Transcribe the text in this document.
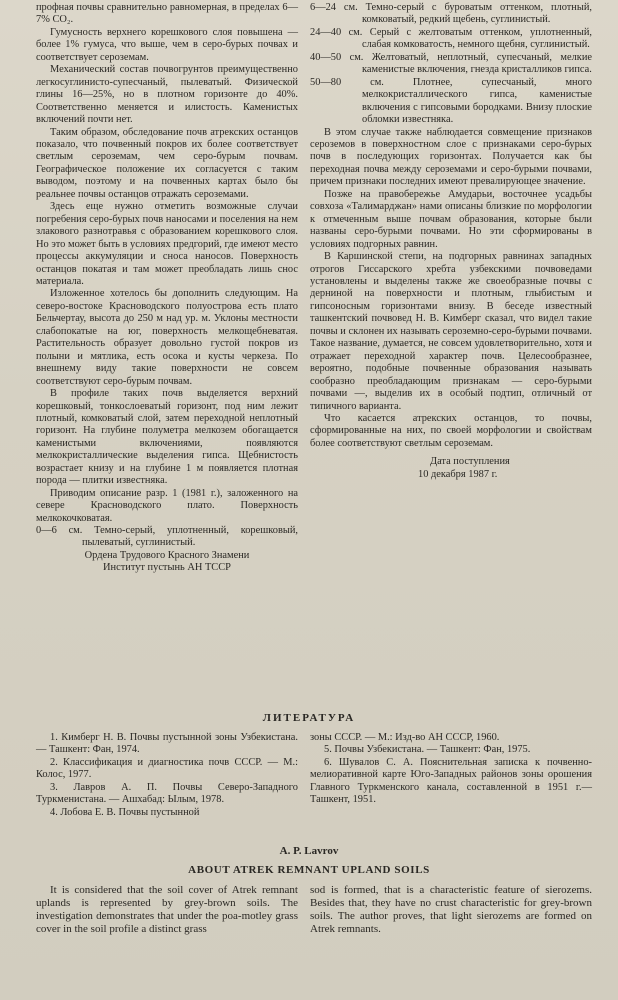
профная почвы сравнительно равномерная, в пределах 6—7% CO₂.

Гумусность верхнего корешкового слоя повышена — более 1% гумуса, что выше, чем в серо-бурых почвах и соответствует сероземам.

Механический состав почвогрунтов преимущественно легкосуглинисто-супесчаный, пылеватый. Физической глины 16—25%, но в плотном горизонте до 40%. Соответственно меняется и илистость. Каменистых включений почти нет.

Таким образом, обследование почв атрекских останцов показало, что почвенный покров их более соответствует светлым сероземам, чем серо-бурым почвам. Географическое положение их согласуется с таким выводом, поэтому и на почвенных картах было бы реальнее почвы останцов отражать сероземами.

Здесь еще нужно отметить возможные случаи погребения серо-бурых почв наносами и поселения на нем злакового разнотравья с образованием корешкового слоя. Но это может быть в условиях предгорий, где имеют место процессы аккумуляции и сноса наносов. Поверхность останцов покатая и там может преобладать лишь снос материала.

Изложенное хотелось бы дополнить следующим. На северо-востоке Красноводского полуострова есть плато Бельчертау, высота до 250 м над ур. м. Уклоны местности слабопокатые на юг, поверхность мелкощебневатая. Растительность образует довольно густой покров из полыни и мятлика, есть осока и кусты черкеза. По внешнему виду такие поверхности не совсем соответствуют серо-бурым почвам.

В профиле таких почв выделяется верхний корешковый, тонкослоеватый горизонт, под ним лежит плотный, комковатый слой, затем переходной неплотный горизонт. На глубине полуметра мелкозем обогащается каменистыми включениями, появляются мелкокристаллические выделения гипса. Щебнистость возрастает книзу и на глубине 1 м появляется плотная порода — плитки известняка.

Приводим описание разр. 1 (1981 г.), заложенного на севере Красноводского плато. Поверхность мелкокочковатая.

0—6 см. Темно-серый, уплотненный, корешковый, пылеватый, суглинистый.

Ордена Трудового Красного Знамени

Институт пустынь АН ТССР

6—24 см. Темно-серый с буроватым оттенком, плотный, комковатый, редкий щебень, суглинистый.

24—40 см. Серый с желтоватым оттенком, уплотненный, слабая комковатость, немного щебня, суглинистый.

40—50 см. Желтоватый, неплотный, супесчаный, мелкие каменистые включения, гнезда кристалликов гипса.

50—80 см. Плотнее, супесчаный, много мелкокристаллического гипса, каменистые включения с гипсовыми бородками. Внизу плоские обломки известняка.

В этом случае также наблюдается совмещение признаков сероземов в поверхностном слое с признаками серо-бурых почв в последующих горизонтах. Получается как бы переходная почва между сероземами и серо-бурыми почвами, причем признаки последних имеют превалирующее значение.

Позже на правобережье Амударьи, восточнее усадьбы совхоза «Талимарджан» нами описаны близкие по морфологии к отмеченным выше почвам образования, которые были названы серо-бурыми почвами. Но эти сформированы в условиях подгорных равнин.

В Каршинской степи, на подгорных равнинах западных отрогов Гиссарского хребта узбекскими почвоведами установлены и выделены также же своеобразные почвы с дерниной на поверхности и плотным, глыбистым и гипсоносным горизонтами внизу. В беседе известный ташкентский почвовед Н. В. Кимберг сказал, что видел такие почвы и склонен их называть сероземно-серо-бурыми почвами. Такое название, думается, не совсем удовлетворительно, хотя и отражает переходной характер почв. Целесообразнее, вероятно, подобные почвенные образования называть сообразно преобладающим признакам — серо-бурыми почвами —, выделив их в особый подтип, отличный от типичного варианта.

Что касается атрекских останцов, то почвы, сформированные на них, по своей морфологии и свойствам более соответствуют светлым сероземам.

Дата поступления

10 декабря 1987 г.

ЛИТЕРАТУРА

1. Кимберг Н. В. Почвы пустынной зоны Узбекистана. — Ташкент: Фан, 1974.

2. Классификация и диагностика почв СССР. — М.: Колос, 1977.

3. Лавров А. П. Почвы Северо-Западного Туркменистана. — Ашхабад: Ылым, 1978.

4. Лобова Е. В. Почвы пустынной

зоны СССР. — М.: Изд-во АН СССР, 1960.

5. Почвы Узбекистана. — Ташкент: Фан, 1975.

6. Шувалов С. А. Пояснительная записка к почвенно-мелиоративной карте Юго-Западных районов зоны орошения Главного Туркменского канала, составленной в 1951 г.—Ташкент, 1951.

A. P. Lavrov
ABOUT ATREK REMNANT UPLAND SOILS

It is considered that the soil cover of Atrek remnant uplands is represented by grey-brown soils. The investigation demonstrates that under the poa-motley grass cover in the soil profile a distinct grass

sod is formed, that is a characteristic feature of sierozems. Besides that, they have no crust characteristic for grey-brown soils. The author proves, that light sierozems are formed on Atrek remnants.
